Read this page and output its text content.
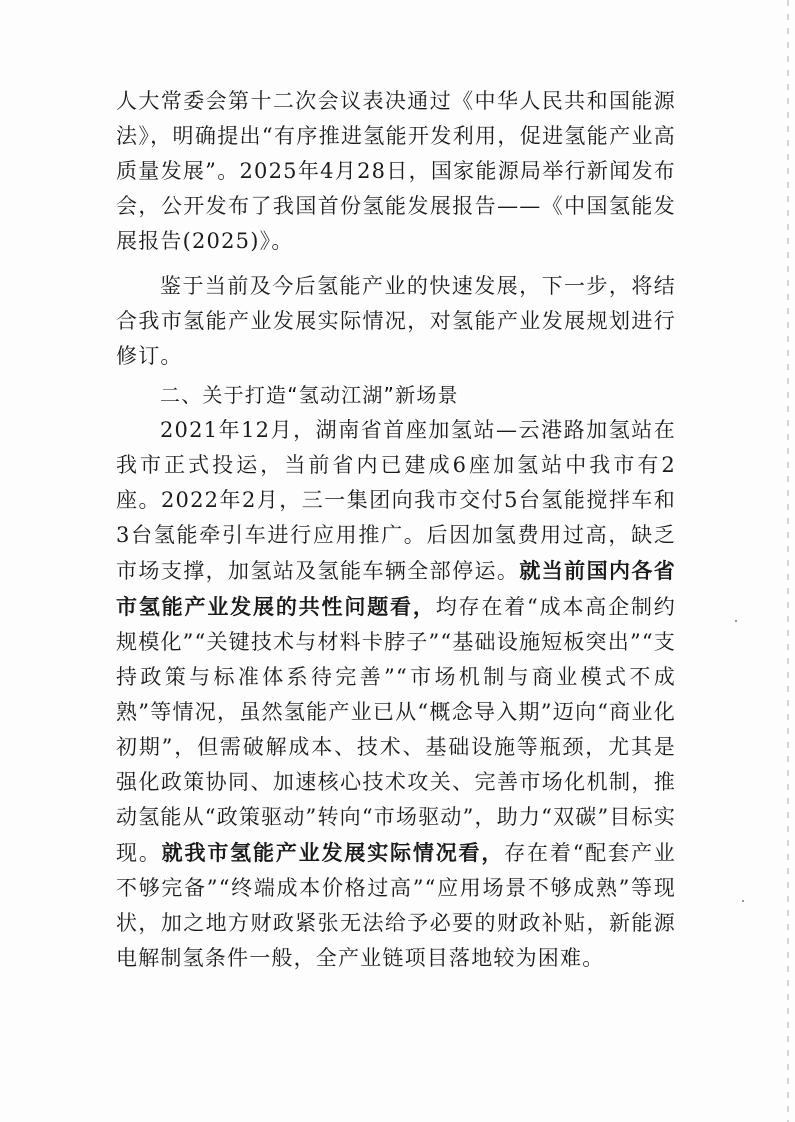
人大常委会第十二次会议表决通过《中华人民共和国能源法》，明确提出“有序推进氢能开发利用，促进氢能产业高质量发展”。2025年4月28日，国家能源局举行新闻发布会，公开发布了我国首份氢能发展报告——《中国氢能发展报告(2025)》。

鉴于当前及今后氢能产业的快速发展，下一步，将结合我市氢能产业发展实际情况，对氢能产业发展规划进行修订。

二、关于打造“氢动江湖”新场景

2021年12月，湖南省首座加氢站—云港路加氢站在我市正式投运，当前省内已建成6座加氢站中我市有2座。2022年2月，三一集团向我市交付5台氢能搅拌车和3台氢能牵引车进行应用推广。后因加氢费用过高，缺乏市场支撑，加氢站及氢能车辆全部停运。就当前国内各省市氢能产业发展的共性问题看，均存在着“成本高企制约规模化”“关键技术与材料卡脖子”“基础设施短板突出”“支持政策与标准体系待完善”“市场机制与商业模式不成熟”等情况，虽然氢能产业已从“概念导入期”迈向“商业化初期”，但需破解成本、技术、基础设施等瓶颈，尤其是强化政策协同、加速核心技术攻关、完善市场化机制，推动氢能从“政策驱动”转向“市场驱动”，助力“双碳”目标实现。就我市氢能产业发展实际情况看，存在着“配套产业不够完备”“终端成本价格过高”“应用场景不够成熟”等现状，加之地方财政紧张无法给予必要的财政补贴，新能源电解制氢条件一般，全产业链项目落地较为困难。
